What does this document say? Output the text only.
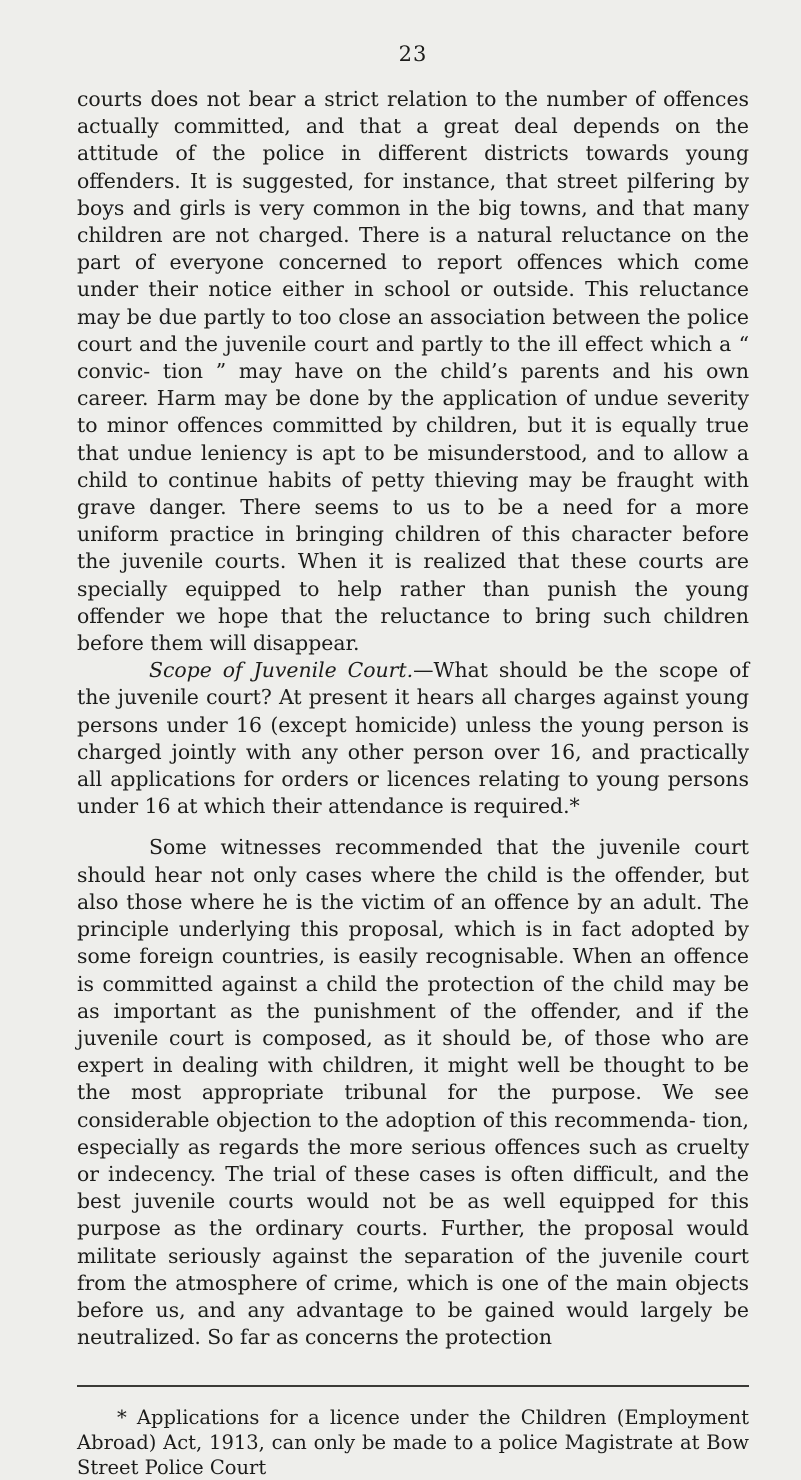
23

courts does not bear a strict relation to the number of offences actually committed, and that a great deal depends on the attitude of the police in different districts towards young offenders. It is suggested, for instance, that street pilfering by boys and girls is very common in the big towns, and that many children are not charged. There is a natural reluctance on the part of everyone concerned to report offences which come under their notice either in school or outside. This reluctance may be due partly to too close an association between the police court and the juvenile court and partly to the ill effect which a “ convic- tion ” may have on the child’s parents and his own career. Harm may be done by the application of undue severity to minor offences committed by children, but it is equally true that undue leniency is apt to be misunderstood, and to allow a child to continue habits of petty thieving may be fraught with grave danger. There seems to us to be a need for a more uniform practice in bringing children of this character before the juvenile courts. When it is realized that these courts are specially equipped to help rather than punish the young offender we hope that the reluctance to bring such children before them will disappear.

Scope of Juvenile Court.—What should be the scope of the juvenile court? At present it hears all charges against young persons under 16 (except homicide) unless the young person is charged jointly with any other person over 16, and practically all applications for orders or licences relating to young persons under 16 at which their attendance is required.*

Some witnesses recommended that the juvenile court should hear not only cases where the child is the offender, but also those where he is the victim of an offence by an adult. The principle underlying this proposal, which is in fact adopted by some foreign countries, is easily recognisable. When an offence is committed against a child the protection of the child may be as important as the punishment of the offender, and if the juvenile court is composed, as it should be, of those who are expert in dealing with children, it might well be thought to be the most appropriate tribunal for the purpose. We see considerable objection to the adoption of this recommenda- tion, especially as regards the more serious offences such as cruelty or indecency. The trial of these cases is often difficult, and the best juvenile courts would not be as well equipped for this purpose as the ordinary courts. Further, the proposal would militate seriously against the separation of the juvenile court from the atmosphere of crime, which is one of the main objects before us, and any advantage to be gained would largely be neutralized. So far as concerns the protection

* Applications for a licence under the Children (Employment Abroad) Act, 1913, can only be made to a police Magistrate at Bow Street Police Court
